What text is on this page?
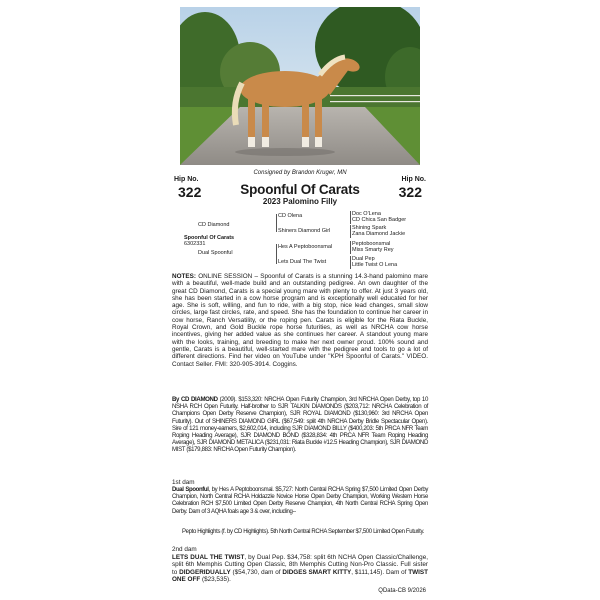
Consigned by Brandon Kruger, MN
Hip No.	Hip No.
322	322
Spoonful Of Carats
2023 Palomino Filly
CD Diamond
Spoonful Of Carats
6302331
Dual Spoonful
CD Olena
Shiners Diamond Girl
Hes A Peptoboonsmal
Lets Dual The Twist
Doc O'Lena
CD Chica San Badger
Shining Spark
Zana Diamond Jackie
Peptoboonsmal
Miss Smarty Rey
Dual Pep
Little Twist O Lena
NOTES: ONLINE SESSION – Spoonful of Carats is a stunning 14.3-hand palomino mare with a beautiful, well-made build and an outstanding pedigree. An own daughter of the great CD Diamond, Carats is a special young mare with plenty to offer. At just 3 years old, she has been started in a cow horse program and is exceptionally well educated for her age. She is soft, willing, and fun to ride, with a big stop, nice lead changes, small slow circles, large fast circles, rate, and speed. She has the foundation to continue her career in cow horse, Ranch Versatility, or the roping pen. Carats is eligible for the Riata Buckle, Royal Crown, and Gold Buckle rope horse futurities, as well as NRCHA cow horse incentives, giving her added value as she continues her career. A standout young mare with the looks, training, and breeding to make her next owner proud. 100% sound and gentle, Carats is a beautiful, well-started mare with the pedigree and tools to go a lot of different directions. Find her video on YouTube under "KPH Spoonful of Carats." VIDEO. Contact Seller. FMI: 320-905-3914. Coggins.
By CD DIAMOND (2009). $153,320: NRCHA Open Futurity Champion, 3rd NRCHA Open Derby, top 10 NSHA RCH Open Futurity. Half-brother to SJR TALKIN DIAMONDS ($203,712: NRCHA Celebration of Champions Open Derby Reserve Champion), SJR ROYAL DIAMOND ($130,960: 3rd NRCHA Open Futurity). Out of SHINERS DIAMOND GIRL ($67,549: split 4th NRCHA Derby Bridle Spectacular Open). Sire of 121 money-earners, $2,602,014, including SJR DIAMOND BILLY ($400,203: 5th PRCA NFR Team Roping Heading Average), SJR DIAMOND BOND ($328,834: 4th PRCA NFR Team Roping Heading Average), SJR DIAMOND METALICA ($231,031: Riata Buckle #12.5 Heading Champion), SJR DIAMOND MIST ($179,883: NRCHA Open Futurity Champion).
1st dam
Dual Spoonful, by Hes A Peptoboonsmal. $5,727: North Central RCHA Spring $7,500 Limited Open Derby Champion, North Central RCHA Holdazzle Novice Horse Open Derby Champion, Working Western Horse Celebration RCH $7,500 Limited Open Derby Reserve Champion, 4th North Central RCHA Spring Open Derby. Dam of 3 AQHA foals age 3 & over, including--
Pepto Highlights (f. by CD Highlights). 5th North Central RCHA September $7,500 Limited Open Futurity.
2nd dam
LETS DUAL THE TWIST, by Dual Pep. $34,758: split 6th NCHA Open Classic/Challenge, split 6th Memphis Cutting Open Classic, 8th Memphis Cutting Non-Pro Classic. Full sister to DIDGERIDUALLY ($54,730, dam of DIDGES SMART KITTY, $111,145). Dam of TWIST ONE OFF ($23,535).
QData-CB 9/2026
